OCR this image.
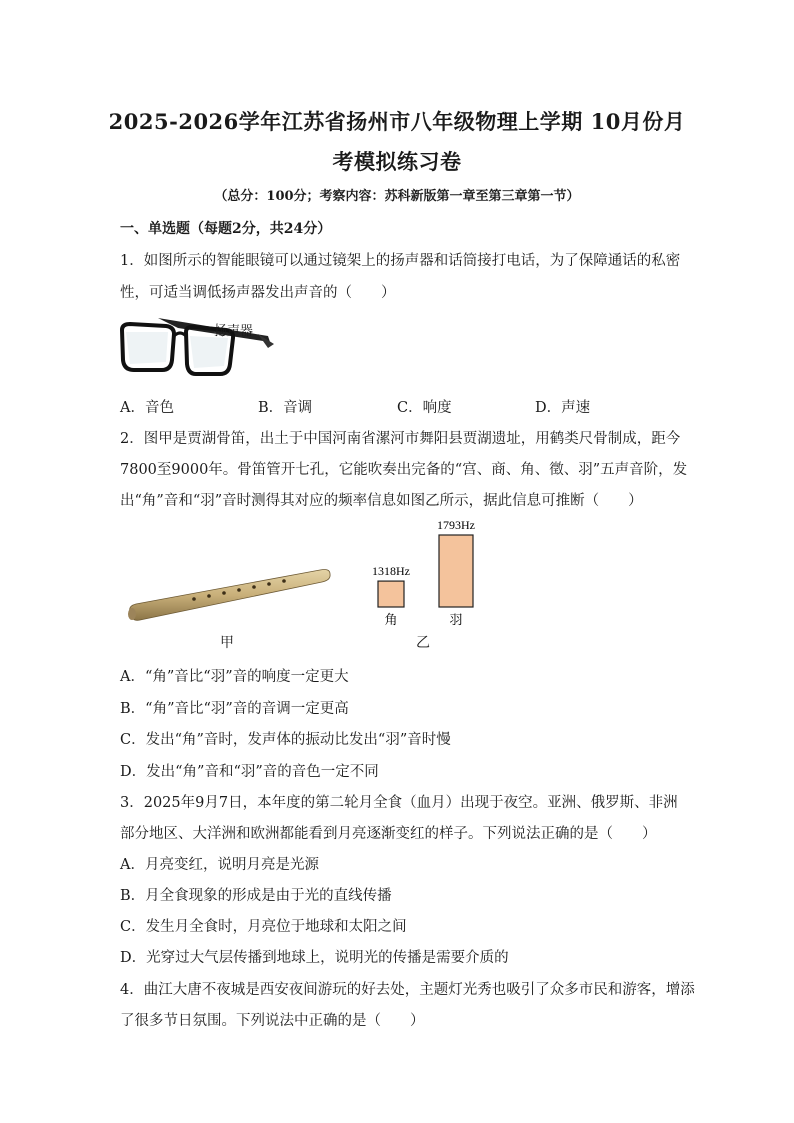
2025-2026学年江苏省扬州市八年级物理上学期 10月份月
考模拟练习卷
（总分：100分；考察内容：苏科新版第一章至第三章第一节）
一、单选题（每题2分，共24分）
1．如图所示的智能眼镜可以通过镜架上的扬声器和话筒接打电话，为了保障通话的私密
性，可适当调低扬声器发出声音的（　　）
扬声器
A．音色	B．音调	C．响度	D．声速
2．图甲是贾湖骨笛，出土于中国河南省漯河市舞阳县贾湖遗址，用鹤类尺骨制成，距今
7800至9000年。骨笛管开七孔，它能吹奏出完备的“宫、商、角、徵、羽”五声音阶，发
出“角”音和“羽”音时测得其对应的频率信息如图乙所示，据此信息可推断（　　）
甲
1318Hz
角
1793Hz
羽
乙
A．“角”音比“羽”音的响度一定更大
B．“角”音比“羽”音的音调一定更高
C．发出“角”音时，发声体的振动比发出“羽”音时慢
D．发出“角”音和“羽”音的音色一定不同
3．2025年9月7日，本年度的第二轮月全食（血月）出现于夜空。亚洲、俄罗斯、非洲
部分地区、大洋洲和欧洲都能看到月亮逐渐变红的样子。下列说法正确的是（　　）
A．月亮变红，说明月亮是光源
B．月全食现象的形成是由于光的直线传播
C．发生月全食时，月亮位于地球和太阳之间
D．光穿过大气层传播到地球上，说明光的传播是需要介质的
4．曲江大唐不夜城是西安夜间游玩的好去处，主题灯光秀也吸引了众多市民和游客，增添
了很多节日氛围。下列说法中正确的是（　　）
